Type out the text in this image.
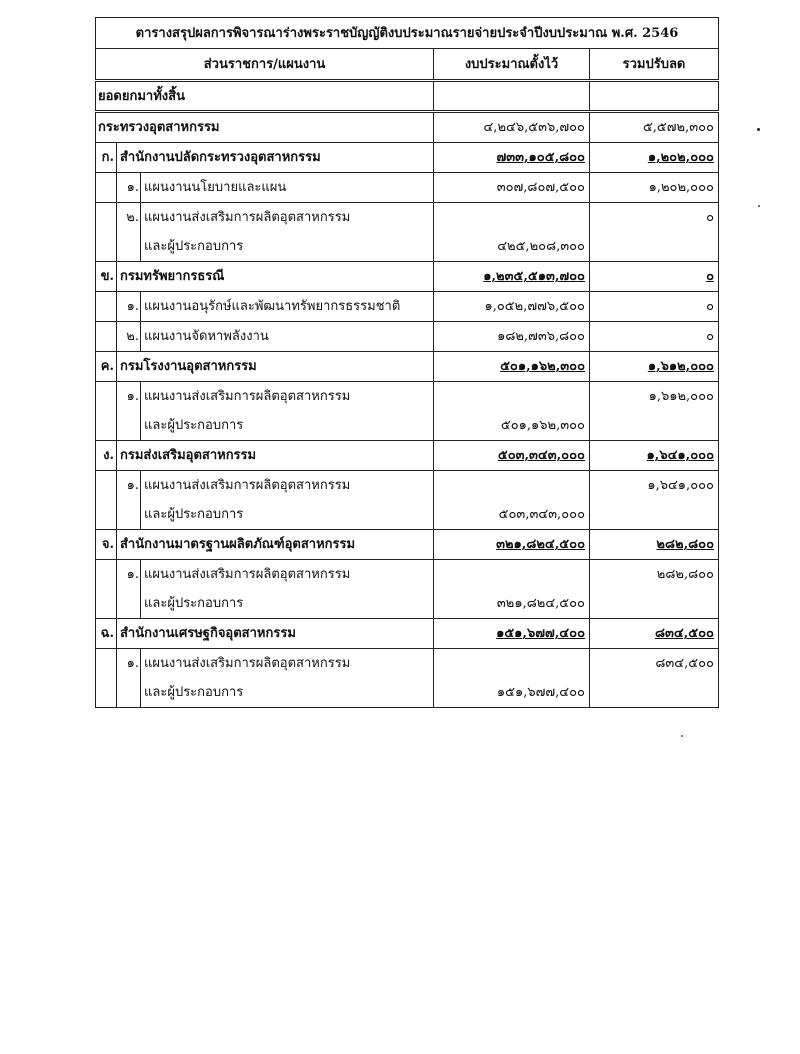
ตารางสรุปผลการพิจารณาร่างพระราชบัญญัติงบประมาณรายจ่ายประจำปีงบประมาณ พ.ศ. 2546		
ส่วนราชการ/แผนงาน	งบประมาณตั้งไว้	รวมปรับลด
ยอดยกมาทั้งสิ้น		
กระทรวงอุตสาหกรรม	๔,๒๔๖,๕๓๖,๗๐๐	๕,๕๗๒,๓๐๐
ก. สำนักงานปลัดกระทรวงอุตสาหกรรม	๗๓๓,๑๐๕,๘๐๐	๑,๒๐๒,๐๐๐

๑. แผนงานนโยบายและแผน	๓๐๗,๘๐๗,๕๐๐	๑,๒๐๒,๐๐๐

๒. แผนงานส่งเสริมการผลิตอุตสาหกรรม		๐

และผู้ประกอบการ	๔๒๕,๒๐๘,๓๐๐	
ข. กรมทรัพยากรธรณี	๑,๒๓๕,๕๑๓,๗๐๐	๐

๑. แผนงานอนุรักษ์และพัฒนาทรัพยากรธรรมชาติ	๑,๐๕๒,๗๗๖,๕๐๐	๐

๒. แผนงานจัดหาพลังงาน	๑๘๒,๗๓๖,๘๐๐	๐
ค. กรมโรงงานอุตสาหกรรม	๕๐๑,๑๖๒,๓๐๐	๑,๖๑๒,๐๐๐

๑. แผนงานส่งเสริมการผลิตอุตสาหกรรม		๑,๖๑๒,๐๐๐

และผู้ประกอบการ	๕๐๑,๑๖๒,๓๐๐	
ง. กรมส่งเสริมอุตสาหกรรม	๕๐๓,๓๔๓,๐๐๐	๑,๖๔๑,๐๐๐

๑. แผนงานส่งเสริมการผลิตอุตสาหกรรม		๑,๖๔๑,๐๐๐

และผู้ประกอบการ	๕๐๓,๓๔๓,๐๐๐	
จ. สำนักงานมาตรฐานผลิตภัณฑ์อุตสาหกรรม	๓๒๑,๘๒๔,๕๐๐	๒๘๒,๘๐๐

๑. แผนงานส่งเสริมการผลิตอุตสาหกรรม		๒๘๒,๘๐๐

และผู้ประกอบการ	๓๒๑,๘๒๔,๕๐๐	
ฉ. สำนักงานเศรษฐกิจอุตสาหกรรม	๑๕๑,๖๗๗,๔๐๐	๘๓๔,๕๐๐

๑. แผนงานส่งเสริมการผลิตอุตสาหกรรม		๘๓๔,๕๐๐

และผู้ประกอบการ	๑๕๑,๖๗๗,๔๐๐	
